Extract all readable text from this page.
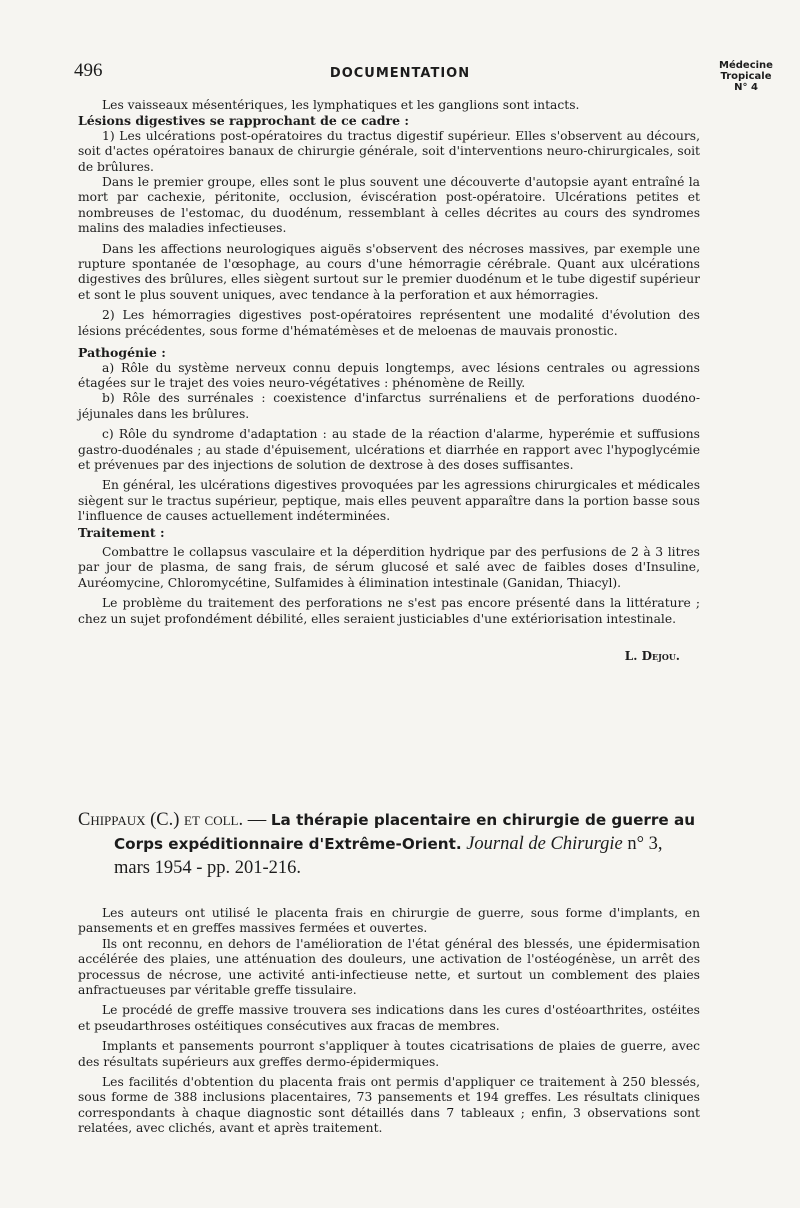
496	DOCUMENTATION
Médecine
Tropicale
N° 4

Les vaisseaux mésentériques, les lymphatiques et les ganglions sont intacts.

Lésions digestives se rapprochant de ce cadre :

1) Les ulcérations post-opératoires du tractus digestif supérieur. Elles s'observent au décours, soit d'actes opératoires banaux de chirurgie générale, soit d'interventions neuro-chirurgicales, soit de brûlures.

Dans le premier groupe, elles sont le plus souvent une découverte d'autopsie ayant entraîné la mort par cachexie, péritonite, occlusion, éviscération post-opératoire. Ulcérations petites et nombreuses de l'estomac, du duodénum, ressemblant à celles décrites au cours des syndromes malins des maladies infectieuses.

Dans les affections neurologiques aiguës s'observent des nécroses massives, par exemple une rupture spontanée de l'œsophage, au cours d'une hémorragie cérébrale. Quant aux ulcérations digestives des brûlures, elles siègent surtout sur le premier duodénum et le tube digestif supérieur et sont le plus souvent uniques, avec tendance à la perforation et aux hémorragies.

2) Les hémorragies digestives post-opératoires représentent une modalité d'évolution des lésions précédentes, sous forme d'hématémèses et de meloenas de mauvais pronostic.

Pathogénie :

a) Rôle du système nerveux connu depuis longtemps, avec lésions centrales ou agressions étagées sur le trajet des voies neuro-végétatives : phénomène de Reilly.

b) Rôle des surrénales : coexistence d'infarctus surrénaliens et de perforations duodéno-jéjunales dans les brûlures.

c) Rôle du syndrome d'adaptation : au stade de la réaction d'alarme, hyperémie et suffusions gastro-duodénales ; au stade d'épuisement, ulcérations et diarrhée en rapport avec l'hypoglycémie et prévenues par des injections de solution de dextrose à des doses suffisantes.

En général, les ulcérations digestives provoquées par les agressions chirurgicales et médicales siègent sur le tractus supérieur, peptique, mais elles peuvent apparaître dans la portion basse sous l'influence de causes actuellement indéterminées.

Traitement :

Combattre le collapsus vasculaire et la déperdition hydrique par des perfusions de 2 à 3 litres par jour de plasma, de sang frais, de sérum glucosé et salé avec de faibles doses d'Insuline, Auréomycine, Chloromycétine, Sulfamides à élimination intestinale (Ganidan, Thiacyl).

Le problème du traitement des perforations ne s'est pas encore présenté dans la littérature ; chez un sujet profondément débilité, elles seraient justiciables d'une extériorisation intestinale.

L. Dejou.

Chippaux (C.) et coll. — La thérapie placentaire en chirurgie de guerre au Corps expéditionnaire d'Extrême-Orient. Journal de Chirurgie n° 3, mars 1954 - pp. 201-216.

Les auteurs ont utilisé le placenta frais en chirurgie de guerre, sous forme d'implants, en pansements et en greffes massives fermées et ouvertes.

Ils ont reconnu, en dehors de l'amélioration de l'état général des blessés, une épidermisation accélérée des plaies, une atténuation des douleurs, une activation de l'ostéogénèse, un arrêt des processus de nécrose, une activité anti-infectieuse nette, et surtout un comblement des plaies anfractueuses par véritable greffe tissulaire.

Le procédé de greffe massive trouvera ses indications dans les cures d'ostéoarthrites, ostéites et pseudarthroses ostéitiques consécutives aux fracas de membres.

Implants et pansements pourront s'appliquer à toutes cicatrisations de plaies de guerre, avec des résultats supérieurs aux greffes dermo-épidermiques.

Les facilités d'obtention du placenta frais ont permis d'appliquer ce traitement à 250 blessés, sous forme de 388 inclusions placentaires, 73 pansements et 194 greffes. Les résultats cliniques correspondants à chaque diagnostic sont détaillés dans 7 tableaux ; enfin, 3 observations sont relatées, avec clichés, avant et après traitement.
